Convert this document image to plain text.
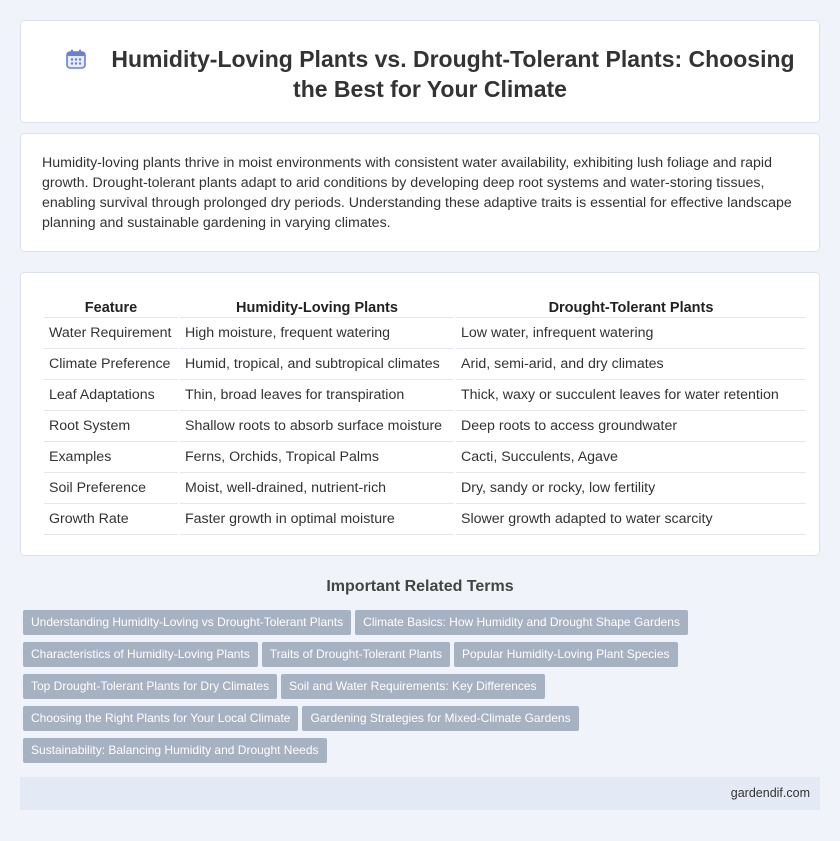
Humidity-Loving Plants vs. Drought-Tolerant Plants: Choosing the Best for Your Climate

Humidity-loving plants thrive in moist environments with consistent water availability, exhibiting lush foliage and rapid growth. Drought-tolerant plants adapt to arid conditions by developing deep root systems and water-storing tissues, enabling survival through prolonged dry periods. Understanding these adaptive traits is essential for effective landscape planning and sustainable gardening in varying climates.

Feature	Humidity-Loving Plants	Drought-Tolerant Plants
Water Requirement	High moisture, frequent watering	Low water, infrequent watering
Climate Preference	Humid, tropical, and subtropical climates	Arid, semi-arid, and dry climates
Leaf Adaptations	Thin, broad leaves for transpiration	Thick, waxy or succulent leaves for water retention
Root System	Shallow roots to absorb surface moisture	Deep roots to access groundwater
Examples	Ferns, Orchids, Tropical Palms	Cacti, Succulents, Agave
Soil Preference	Moist, well-drained, nutrient-rich	Dry, sandy or rocky, low fertility
Growth Rate	Faster growth in optimal moisture	Slower growth adapted to water scarcity
Important Related Terms
Understanding Humidity-Loving vs Drought-Tolerant Plants Climate Basics: How Humidity and Drought Shape Gardens
Characteristics of Humidity-Loving Plants Traits of Drought-Tolerant Plants Popular Humidity-Loving Plant Species
Top Drought-Tolerant Plants for Dry Climates Soil and Water Requirements: Key Differences
Choosing the Right Plants for Your Local Climate Gardening Strategies for Mixed-Climate Gardens
Sustainability: Balancing Humidity and Drought Needs
gardendif.com
